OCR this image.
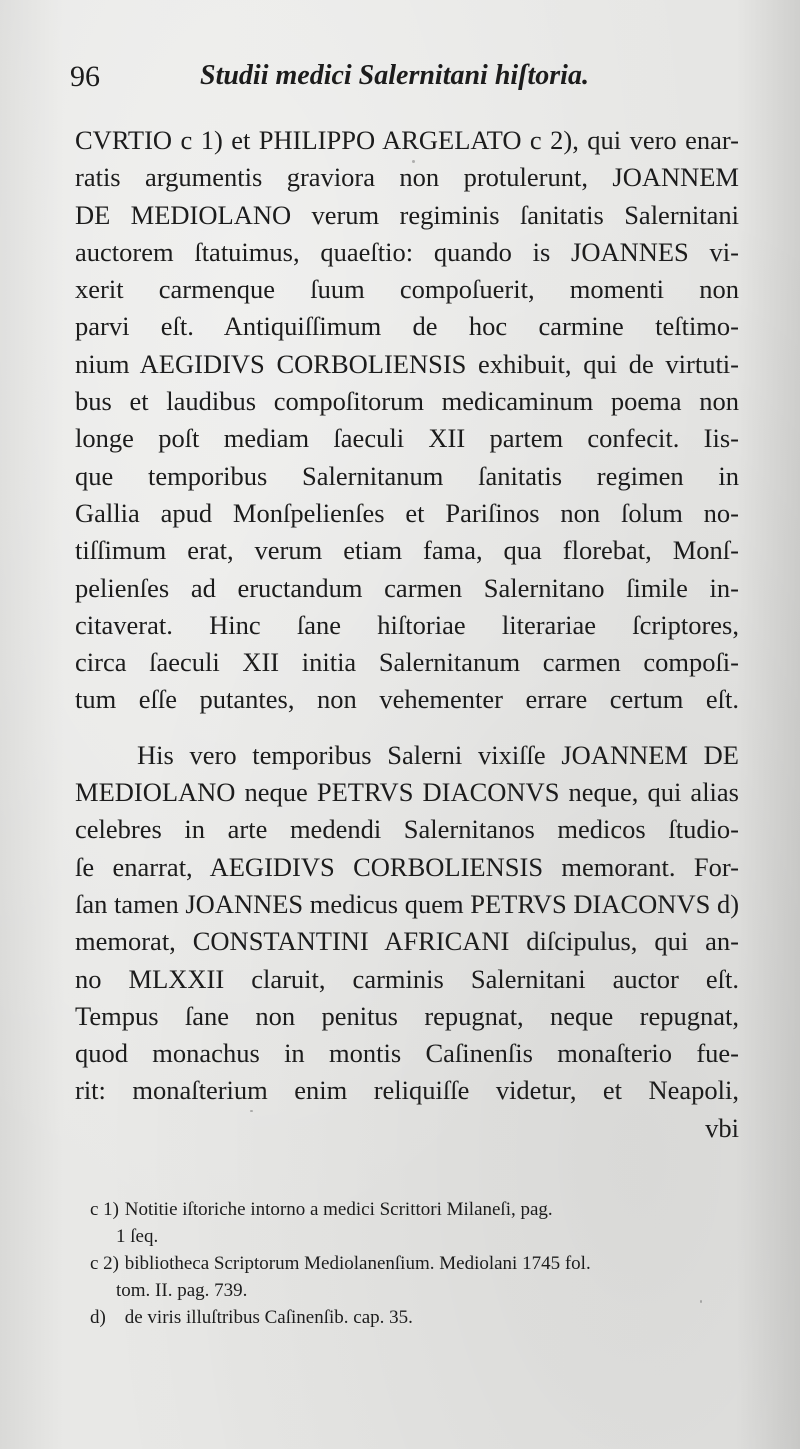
96	Studii medici Salernitani hiſtoria.
CVRTIO c 1) et PHILIPPO ARGELATO c 2), qui vero enar-
ratis argumentis graviora non protulerunt, JOANNEM
DE MEDIOLANO verum regiminis ſanitatis Salernitani
auctorem ſtatuimus, quaeſtio: quando is JOANNES vi-
xerit carmenque ſuum compoſuerit, momenti non
parvi eſt. Antiquiſſimum de hoc carmine teſtimo-
nium AEGIDIVS CORBOLIENSIS exhibuit, qui de virtuti-
bus et laudibus compoſitorum medicaminum poema non
longe poſt mediam ſaeculi XII partem confecit. Iis-
que temporibus Salernitanum ſanitatis regimen in
Gallia apud Monſpelienſes et Pariſinos non ſolum no-
tiſſimum erat, verum etiam fama, qua florebat, Monſ-
pelienſes ad eructandum carmen Salernitano ſimile in-
citaverat. Hinc ſane hiſtoriae literariae ſcriptores,
circa ſaeculi XII initia Salernitanum carmen compoſi-
tum eſſe putantes, non vehementer errare certum eſt.
His vero temporibus Salerni vixiſſe JOANNEM DE
MEDIOLANO neque PETRVS DIACONVS neque, qui alias
celebres in arte medendi Salernitanos medicos ſtudio-
ſe enarrat, AEGIDIVS CORBOLIENSIS memorant. For-
ſan tamen JOANNES medicus quem PETRVS DIACONVS d)
memorat, CONSTANTINI AFRICANI diſcipulus, qui an-
no MLXXII claruit, carminis Salernitani auctor eſt.
Tempus ſane non penitus repugnat, neque repugnat,
quod monachus in montis Caſinenſis monaſterio fue-
rit: monaſterium enim reliquiſſe videtur, et Neapoli,
vbi
c 1) Notitie iſtoriche intorno a medici Scrittori Milaneſi, pag.
1 ſeq.
c 2) bibliotheca Scriptorum Mediolanenſium. Mediolani 1745 fol.
tom. II. pag. 739.
d) de viris illuſtribus Caſinenſib. cap. 35.
